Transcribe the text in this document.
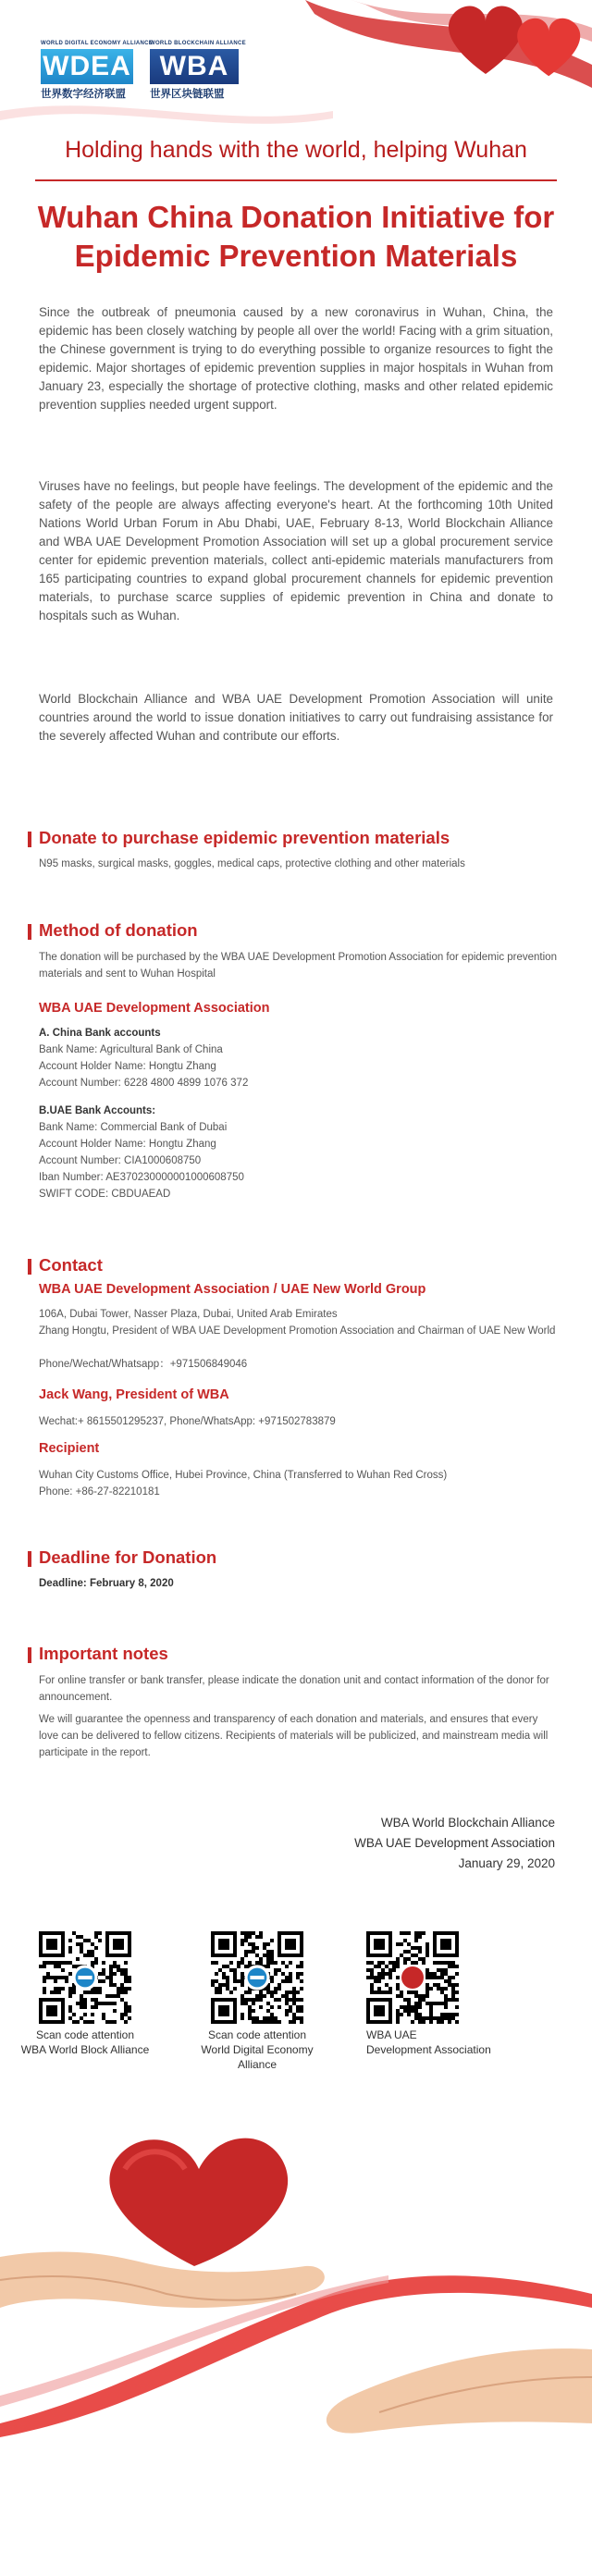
WORLD DIGITAL ECONOMY ALLIANCE
WDEA
世界数字经济联盟
WORLD BLOCKCHAIN ALLIANCE
WBA
世界区块链联盟
Holding hands with the world, helping Wuhan
Wuhan China Donation Initiative for
Epidemic Prevention Materials

Since the outbreak of pneumonia caused by a new coronavirus in Wuhan, China, the epidemic has been closely watching by people all over the world! Facing with a grim situation, the Chinese government is trying to do everything possible to organize resources to fight the epidemic. Major shortages of epidemic prevention supplies in major hospitals in Wuhan from January 23, especially the shortage of protective clothing, masks and other related epidemic prevention supplies needed urgent support.

Viruses have no feelings, but people have feelings. The development of the epidemic and the safety of the people are always affecting everyone's heart. At the forthcoming 10th United Nations World Urban Forum in Abu Dhabi, UAE, February 8-13, World Blockchain Alliance and WBA UAE Development Promotion Association will set up a global procurement service center for epidemic prevention materials, collect anti-epidemic materials manufacturers from 165 participating countries to expand global procurement channels for epidemic prevention materials, to purchase scarce supplies of epidemic prevention in China and donate to hospitals such as Wuhan.

World Blockchain Alliance and WBA UAE Development Promotion Association will unite countries around the world to issue donation initiatives to carry out fundraising assistance for the severely affected Wuhan and contribute our efforts.

Donate to purchase epidemic prevention materials

N95 masks, surgical masks, goggles, medical caps, protective clothing and other materials

Method of donation

The donation will be purchased by the WBA UAE Development Promotion Association for epidemic prevention materials and sent to Wuhan Hospital

WBA UAE Development Association

A. China Bank accounts

Bank Name: Agricultural Bank of China

Account Holder Name: Hongtu Zhang

Account Number: 6228 4800 4899 1076 372

B.UAE Bank Accounts:

Bank Name: Commercial Bank of Dubai

Account Holder Name: Hongtu Zhang

Account Number: CIA1000608750

Iban Number: AE370230000001000608750

SWIFT CODE: CBDUAEAD

Contact
WBA UAE Development Association / UAE New World Group

106A, Dubai Tower, Nasser Plaza, Dubai, United Arab Emirates

Zhang Hongtu, President of WBA UAE Development Promotion Association and Chairman of UAE New World

Phone/Wechat/Whatsapp：+971506849046

Jack Wang, President of WBA

Wechat:+ 8615501295237, Phone/WhatsApp: +971502783879

Recipient

Wuhan City Customs Office, Hubei Province, China (Transferred to Wuhan Red Cross)

Phone: +86-27-82210181

Deadline for Donation

Deadline: February 8, 2020

Important notes

For online transfer or bank transfer, please indicate the donation unit and contact information of the donor for announcement.

We will guarantee the openness and transparency of each donation and materials, and ensures that every love can be delivered to fellow citizens. Recipients of materials will be publicized, and mainstream media will participate in the report.

WBA World Blockchain Alliance
WBA UAE Development Association
January 29, 2020
Scan code attention
WBA World Block Alliance
Scan code attention
World Digital Economy Alliance
WBA UAE
Development Association
